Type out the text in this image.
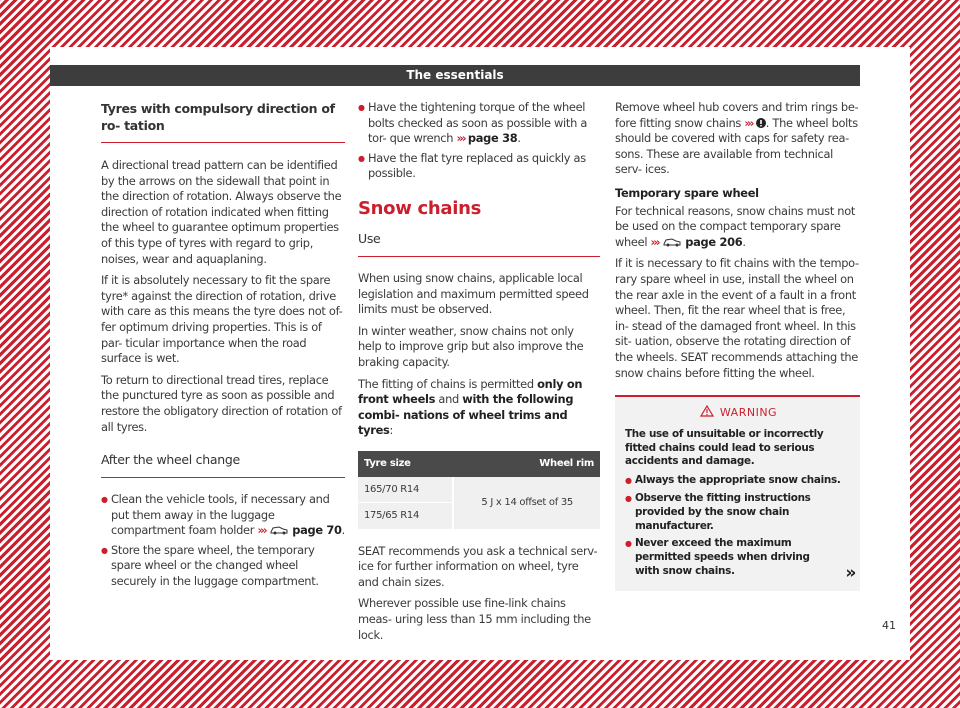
The essentials
Tyres with compulsory direction of ro- tation

A directional tread pattern can be identified by the arrows on the sidewall that point in the direction of rotation. Always observe the direction of rotation indicated when fitting the wheel to guarantee optimum properties of this type of tyres with regard to grip, noises, wear and aquaplaning.

If it is absolutely necessary to fit the spare tyre* against the direction of rotation, drive with care as this means the tyre does not of- fer optimum driving properties. This is of par- ticular importance when the road surface is wet.

To return to directional tread tires, replace the punctured tyre as soon as possible and restore the obligatory direction of rotation of all tyres.

After the wheel change
● Clean the vehicle tools, if necessary and put them away in the luggage compartment foam holder ››› page 70.
● Store the spare wheel, the temporary spare wheel or the changed wheel securely in the luggage compartment.
● Have the tightening torque of the wheel bolts checked as soon as possible with a tor- que wrench ››› page 38.
● Have the flat tyre replaced as quickly as possible.
Snow chains
Use

When using snow chains, applicable local legislation and maximum permitted speed limits must be observed.

In winter weather, snow chains not only help to improve grip but also improve the braking capacity.

The fitting of chains is permitted only on front wheels and with the following combi- nations of wheel trims and tyres:

Tyre size	Wheel rim
165/70 R14	5 J x 14 offset of 35
175/65 R14	

SEAT recommends you ask a technical serv- ice for further information on wheel, tyre and chain sizes.

Wherever possible use fine-link chains meas- uring less than 15 mm including the lock.

Remove wheel hub covers and trim rings be- fore fitting snow chains ››› . The wheel bolts should be covered with caps for safety rea- sons. These are available from technical serv- ices.

Temporary spare wheel

For technical reasons, snow chains must not be used on the compact temporary spare wheel ››› page 206.

If it is necessary to fit chains with the tempo- rary spare wheel in use, install the wheel on the rear axle in the event of a fault in a front wheel. Then, fit the rear wheel that is free, in- stead of the damaged front wheel. In this sit- uation, observe the rotating direction of the wheels. SEAT recommends attaching the snow chains before fitting the wheel.

WARNING
The use of unsuitable or incorrectly fitted chains could lead to serious accidents and damage.
● Always the appropriate snow chains.
● Observe the fitting instructions provided by the snow chain manufacturer.
● Never exceed the maximum permitted speeds when driving with snow chains.	»
41
